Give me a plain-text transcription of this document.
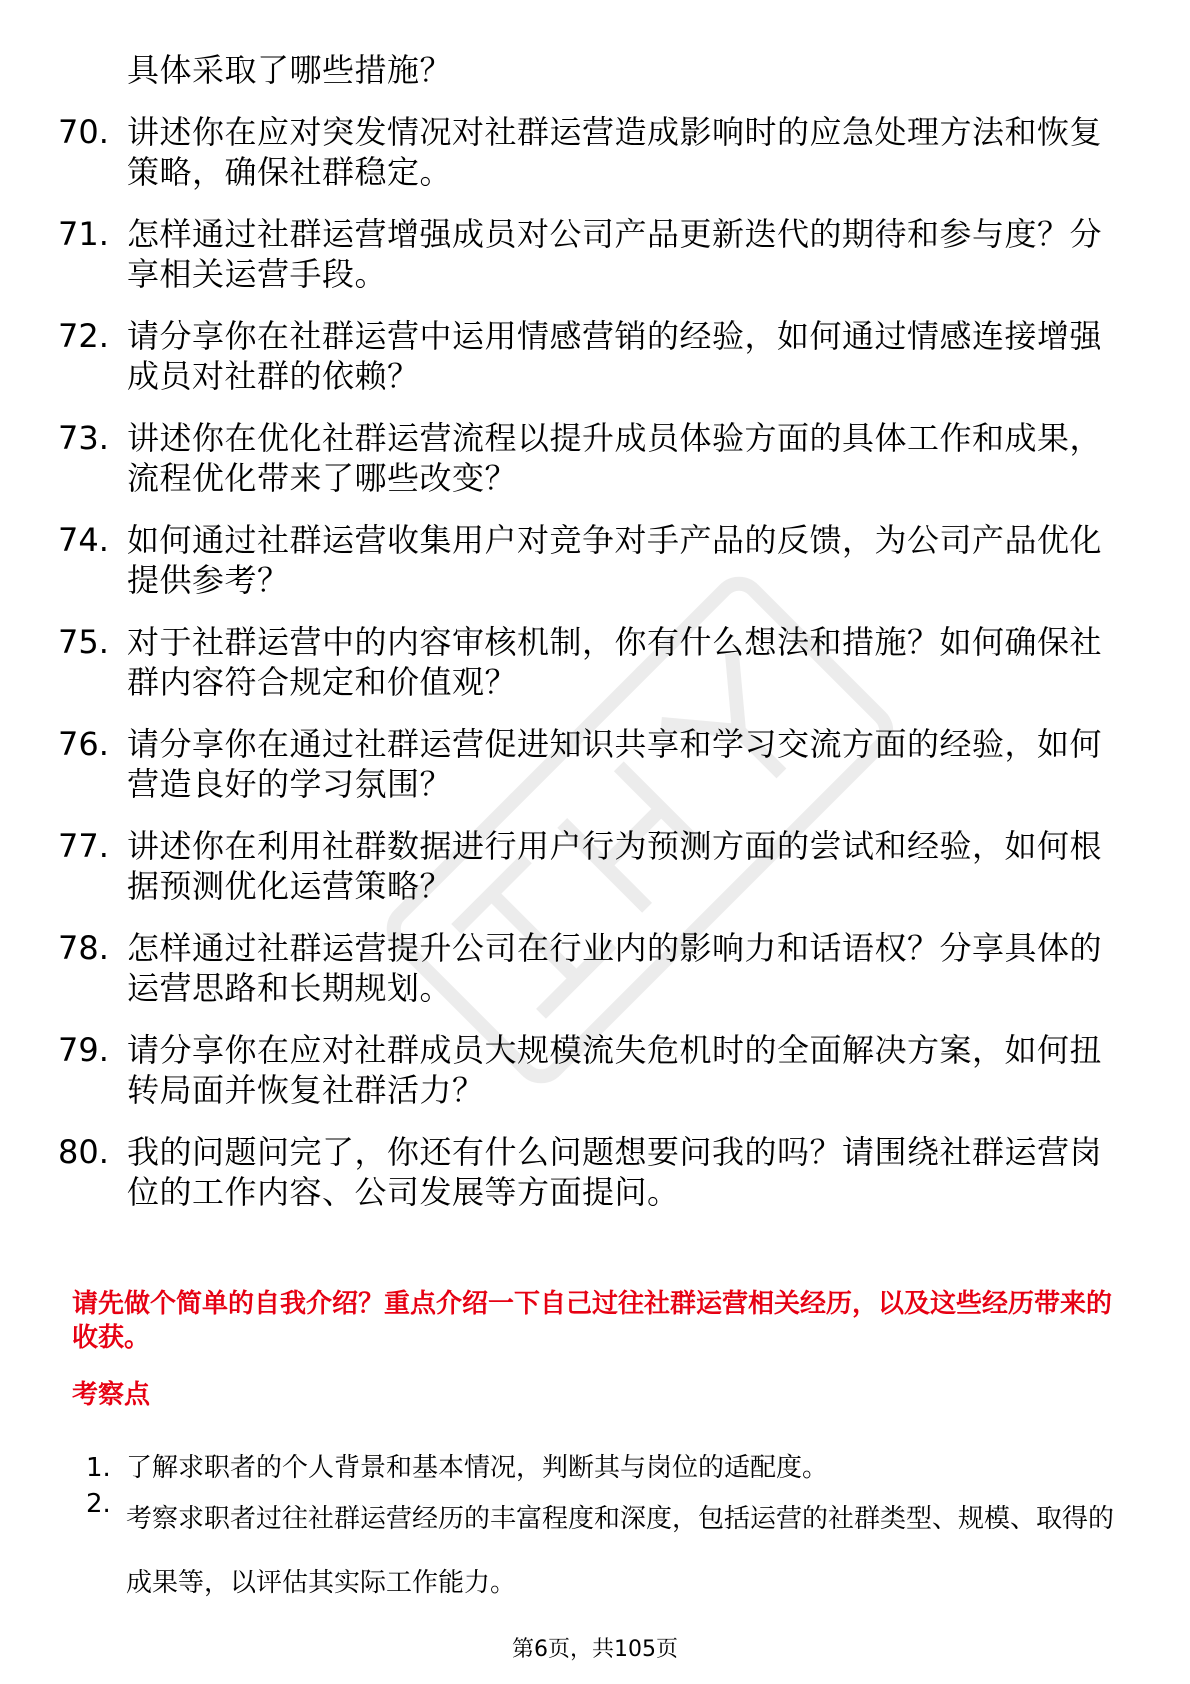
具体采取了哪些措施？
70. 讲述你在应对突发情况对社群运营造成影响时的应急处理方法和恢复策略，确保社群稳定。
71. 怎样通过社群运营增强成员对公司产品更新迭代的期待和参与度？分享相关运营手段。
72. 请分享你在社群运营中运用情感营销的经验，如何通过情感连接增强成员对社群的依赖？
73. 讲述你在优化社群运营流程以提升成员体验方面的具体工作和成果，流程优化带来了哪些改变？
74. 如何通过社群运营收集用户对竞争对手产品的反馈，为公司产品优化提供参考？
75. 对于社群运营中的内容审核机制，你有什么想法和措施？如何确保社群内容符合规定和价值观？
76. 请分享你在通过社群运营促进知识共享和学习交流方面的经验，如何营造良好的学习氛围？
77. 讲述你在利用社群数据进行用户行为预测方面的尝试和经验，如何根据预测优化运营策略？
78. 怎样通过社群运营提升公司在行业内的影响力和话语权？分享具体的运营思路和长期规划。
79. 请分享你在应对社群成员大规模流失危机时的全面解决方案，如何扭转局面并恢复社群活力？
80. 我的问题问完了，你还有什么问题想要问我的吗？请围绕社群运营岗位的工作内容、公司发展等方面提问。
请先做个简单的自我介绍？重点介绍一下自己过往社群运营相关经历，以及这些经历带来的收获。
考察点
1. 了解求职者的个人背景和基本情况，判断其与岗位的适配度。
2. 考察求职者过往社群运营经历的丰富程度和深度，包括运营的社群类型、规模、取得的成果等，以评估其实际工作能力。
第6页，共105页
